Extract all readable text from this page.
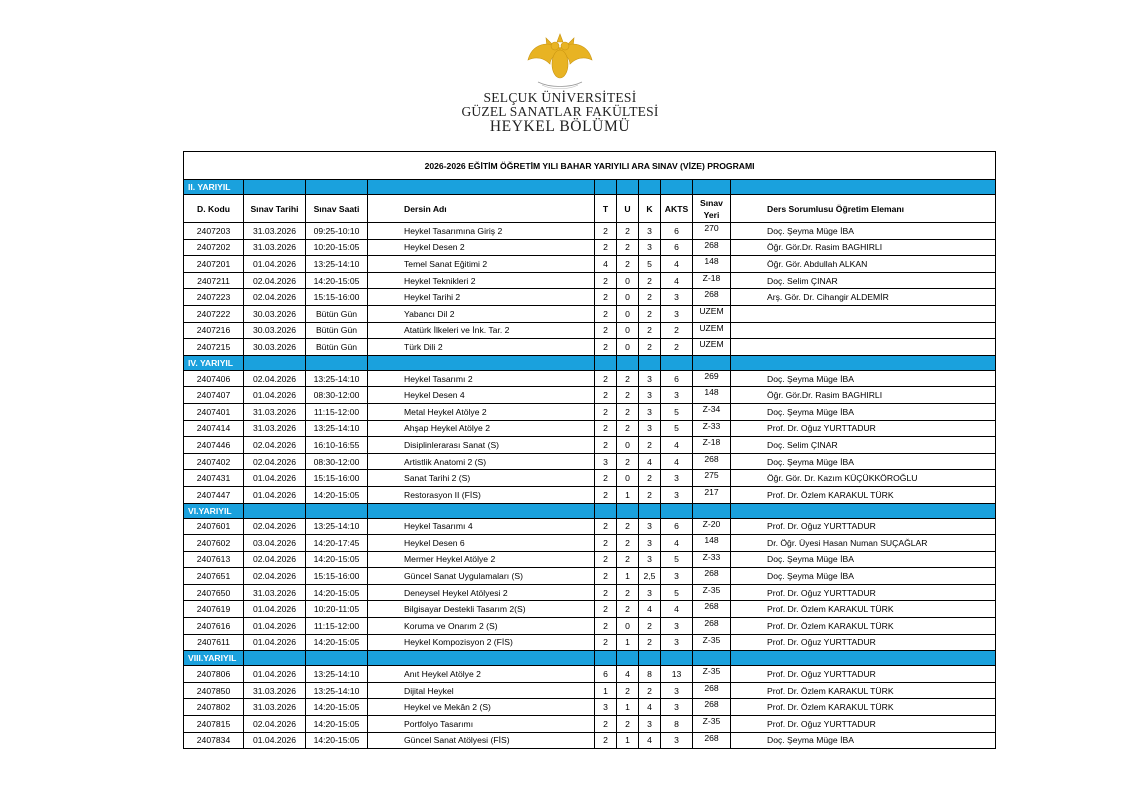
SELÇUK ÜNİVERSİTESİ
GÜZEL SANATLAR FAKÜLTESİ
HEYKEL BÖLÜMÜ
2026-2026 EĞİTİM ÖĞRETİM YILI BAHAR YARIYILI ARA SINAV (VİZE) PROGRAMI									
II. YARIYIL									
D. Kodu	Sınav Tarihi	Sınav Saati	Dersin Adı	T	U	K	AKTS	Sınav Yeri	Ders Sorumlusu Öğretim Elemanı
2407203	31.03.2026	09:25-10:10	Heykel Tasarımına Giriş 2	2	2	3	6	270	Doç. Şeyma Müge İBA
2407202	31.03.2026	10:20-15:05	Heykel Desen 2	2	2	3	6	268	Öğr. Gör.Dr. Rasim BAGHIRLI
2407201	01.04.2026	13:25-14:10	Temel Sanat Eğitimi 2	4	2	5	4	148	Öğr. Gör. Abdullah ALKAN
2407211	02.04.2026	14:20-15:05	Heykel Teknikleri 2	2	0	2	4	Z-18	Doç. Selim ÇINAR
2407223	02.04.2026	15:15-16:00	Heykel Tarihi 2	2	0	2	3	268	Arş. Gör. Dr. Cihangir ALDEMİR
2407222	30.03.2026	Bütün Gün	Yabancı Dil 2	2	0	2	3	UZEM	
2407216	30.03.2026	Bütün Gün	Atatürk İlkeleri ve İnk. Tar. 2	2	0	2	2	UZEM	
2407215	30.03.2026	Bütün Gün	Türk Dili 2	2	0	2	2	UZEM	
IV. YARIYIL									
2407406	02.04.2026	13:25-14:10	Heykel Tasarımı 2	2	2	3	6	269	Doç. Şeyma Müge İBA
2407407	01.04.2026	08:30-12:00	Heykel Desen 4	2	2	3	3	148	Öğr. Gör.Dr. Rasim BAGHIRLI
2407401	31.03.2026	11:15-12:00	Metal Heykel Atölye 2	2	2	3	5	Z-34	Doç. Şeyma Müge İBA
2407414	31.03.2026	13:25-14:10	Ahşap Heykel Atölye 2	2	2	3	5	Z-33	Prof. Dr. Oğuz YURTTADUR
2407446	02.04.2026	16:10-16:55	Disiplinlerarası Sanat (S)	2	0	2	4	Z-18	Doç. Selim ÇINAR
2407402	02.04.2026	08:30-12:00	Artistlik Anatomi 2 (S)	3	2	4	4	268	Doç. Şeyma Müge İBA
2407431	01.04.2026	15:15-16:00	Sanat Tarihi 2 (S)	2	0	2	3	275	Öğr. Gör. Dr. Kazım KÜÇÜKKÖROĞLU
2407447	01.04.2026	14:20-15:05	Restorasyon II (FİS)	2	1	2	3	217	Prof. Dr. Özlem KARAKUL TÜRK
VI.YARIYIL									
2407601	02.04.2026	13:25-14:10	Heykel Tasarımı 4	2	2	3	6	Z-20	Prof. Dr. Oğuz YURTTADUR
2407602	03.04.2026	14:20-17:45	Heykel Desen 6	2	2	3	4	148	Dr. Öğr. Üyesi Hasan Numan SUÇAĞLAR
2407613	02.04.2026	14:20-15:05	Mermer Heykel Atölye 2	2	2	3	5	Z-33	Doç. Şeyma Müge İBA
2407651	02.04.2026	15:15-16:00	Güncel Sanat Uygulamaları (S)	2	1	2,5	3	268	Doç. Şeyma Müge İBA
2407650	31.03.2026	14:20-15:05	Deneysel Heykel Atölyesi 2	2	2	3	5	Z-35	Prof. Dr. Oğuz YURTTADUR
2407619	01.04.2026	10:20-11:05	Bilgisayar Destekli Tasarım 2(S)	2	2	4	4	268	Prof. Dr. Özlem KARAKUL TÜRK
2407616	01.04.2026	11:15-12:00	Koruma ve Onarım 2 (S)	2	0	2	3	268	Prof. Dr. Özlem KARAKUL TÜRK
2407611	01.04.2026	14:20-15:05	Heykel Kompozisyon 2 (FİS)	2	1	2	3	Z-35	Prof. Dr. Oğuz YURTTADUR
VIII.YARIYIL									
2407806	01.04.2026	13:25-14:10	Anıt Heykel Atölye 2	6	4	8	13	Z-35	Prof. Dr. Oğuz YURTTADUR
2407850	31.03.2026	13:25-14:10	Dijital Heykel	1	2	2	3	268	Prof. Dr. Özlem KARAKUL TÜRK
2407802	31.03.2026	14:20-15:05	Heykel ve Mekân 2 (S)	3	1	4	3	268	Prof. Dr. Özlem KARAKUL TÜRK
2407815	02.04.2026	14:20-15:05	Portfolyo Tasarımı	2	2	3	8	Z-35	Prof. Dr. Oğuz YURTTADUR
2407834	01.04.2026	14:20-15:05	Güncel Sanat Atölyesi (FİS)	2	1	4	3	268	Doç. Şeyma Müge İBA
